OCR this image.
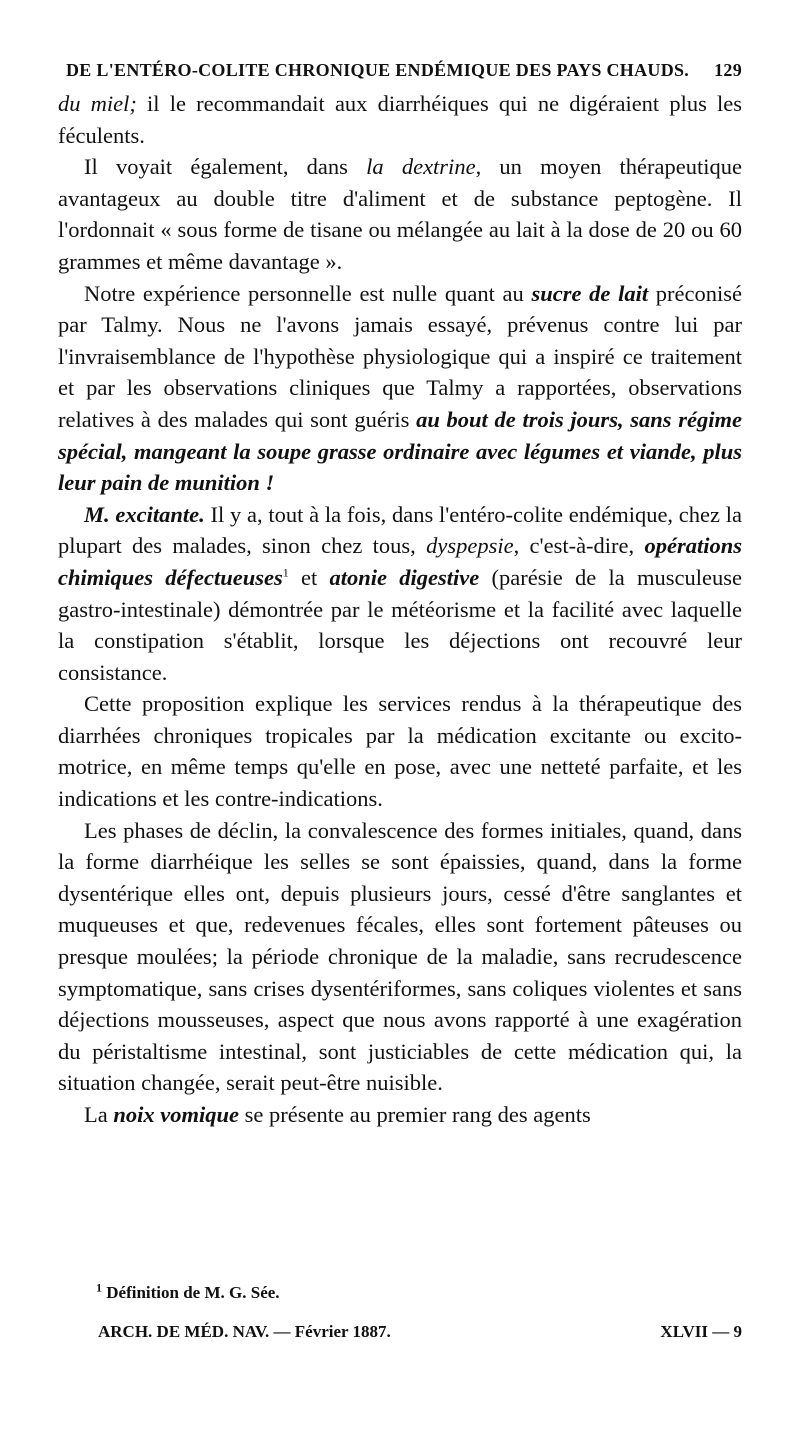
DE L'ENTÉRO-COLITE CHRONIQUE ENDÉMIQUE DES PAYS CHAUDS. 129

du miel; il le recommandait aux diarrhéiques qui ne digéraient plus les féculents.

Il voyait également, dans la dextrine, un moyen thérapeutique avantageux au double titre d'aliment et de substance peptogène. Il l'ordonnait « sous forme de tisane ou mélangée au lait à la dose de 20 ou 60 grammes et même davantage ».

Notre expérience personnelle est nulle quant au sucre de lait préconisé par Talmy. Nous ne l'avons jamais essayé, prévenus contre lui par l'invraisemblance de l'hypothèse physiologique qui a inspiré ce traitement et par les observations cliniques que Talmy a rapportées, observations relatives à des malades qui sont guéris au bout de trois jours, sans régime spécial, mangeant la soupe grasse ordinaire avec légumes et viande, plus leur pain de munition !

M. excitante. Il y a, tout à la fois, dans l'entéro-colite endémique, chez la plupart des malades, sinon chez tous, dyspepsie, c'est-à-dire, opérations chimiques défectueuses$^1$ et atonie digestive (parésie de la musculeuse gastro-intestinale) démontrée par le météorisme et la facilité avec laquelle la constipation s'établit, lorsque les déjections ont recouvré leur consistance.

Cette proposition explique les services rendus à la thérapeutique des diarrhées chroniques tropicales par la médication excitante ou excito-motrice, en même temps qu'elle en pose, avec une netteté parfaite, et les indications et les contre-indications.

Les phases de déclin, la convalescence des formes initiales, quand, dans la forme diarrhéique les selles se sont épaissies, quand, dans la forme dysentérique elles ont, depuis plusieurs jours, cessé d'être sanglantes et muqueuses et que, redevenues fécales, elles sont fortement pâteuses ou presque moulées; la période chronique de la maladie, sans recrudescence symptomatique, sans crises dysentériformes, sans coliques violentes et sans déjections mousseuses, aspect que nous avons rapporté à une exagération du péristaltisme intestinal, sont justiciables de cette médication qui, la situation changée, serait peut-être nuisible.

La noix vomique se présente au premier rang des agents

$^1$ Définition de M. G. Sée.
ARCH. DE MÉD. NAV. — Février 1887.	XLVII — 9
